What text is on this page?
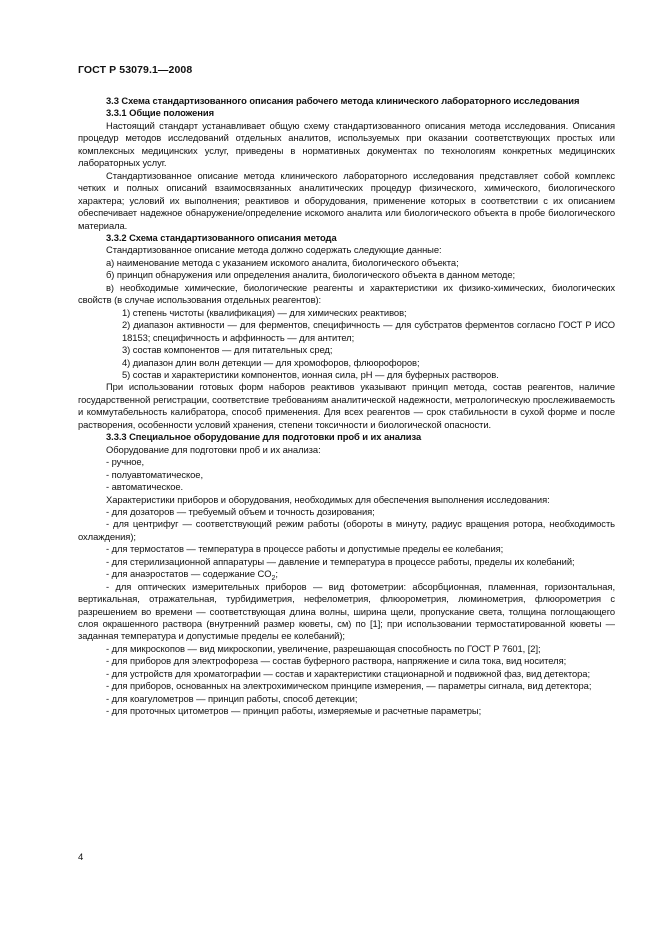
ГОСТ Р 53079.1—2008

3.3 Схема стандартизованного описания рабочего метода клинического лабораторного исследования

3.3.1 Общие положения

Настоящий стандарт устанавливает общую схему стандартизованного описания метода исследования. Описания процедур методов исследований отдельных аналитов, используемых при оказании соответствующих простых или комплексных медицинских услуг, приведены в нормативных документах по технологиям конкретных медицинских лабораторных услуг.

Стандартизованное описание метода клинического лабораторного исследования представляет собой комплекс четких и полных описаний взаимосвязанных аналитических процедур физического, химического, биологического характера; условий их выполнения; реактивов и оборудования, применение которых в соответствии с их описанием обеспечивает надежное обнаружение/определение искомого аналита или биологического объекта в пробе биологического материала.

3.3.2 Схема стандартизованного описания метода

Стандартизованное описание метода должно содержать следующие данные:

а) наименование метода с указанием искомого аналита, биологического объекта;

б) принцип обнаружения или определения аналита, биологического объекта в данном методе;

в) необходимые химические, биологические реагенты и характеристики их физико-химических, биологических свойств (в случае использования отдельных реагентов):

1) степень чистоты (квалификация) — для химических реактивов;

2) диапазон активности — для ферментов, специфичность — для субстратов ферментов согласно ГОСТ Р ИСО 18153; специфичность и аффинность — для антител;

3) состав компонентов — для питательных сред;

4) диапазон длин волн детекции — для хромофоров, флюорофоров;

5) состав и характеристики компонентов, ионная сила, рН — для буферных растворов.

При использовании готовых форм наборов реактивов указывают принцип метода, состав реагентов, наличие государственной регистрации, соответствие требованиям аналитической надежности, метрологическую прослеживаемость и коммутабельность калибратора, способ применения. Для всех реагентов — срок стабильности в сухой форме и после растворения, особенности условий хранения, степени токсичности и биологической опасности.

3.3.3 Специальное оборудование для подготовки проб и их анализа

Оборудование для подготовки проб и их анализа:

- ручное,

- полуавтоматическое,

- автоматическое.

Характеристики приборов и оборудования, необходимых для обеспечения выполнения исследования:

- для дозаторов — требуемый объем и точность дозирования;

- для центрифуг — соответствующий режим работы (обороты в минуту, радиус вращения ротора, необходимость охлаждения);

- для термостатов — температура в процессе работы и допустимые пределы ее колебания;

- для стерилизационной аппаратуры — давление и температура в процессе работы, пределы их колебаний;

- для анаэростатов — содержание $CO_2$;

- для оптических измерительных приборов — вид фотометрии: абсорбционная, пламенная, горизонтальная, вертикальная, отражательная, турбидиметрия, нефелометрия, флюорометрия, люминометрия, флюорометрия с разрешением во времени — соответствующая длина волны, ширина щели, пропускание света, толщина поглощающего слоя окрашенного раствора (внутренний размер кюветы, см) по [1]; при использовании термостатированной кюветы — заданная температура и допустимые пределы ее колебаний);

- для микроскопов — вид микроскопии, увеличение, разрешающая способность по ГОСТ Р 7601, [2];

- для приборов для электрофореза — состав буферного раствора, напряжение и сила тока, вид носителя;

- для устройств для хроматографии — состав и характеристики стационарной и подвижной фаз, вид детектора;

- для приборов, основанных на электрохимическом принципе измерения, — параметры сигнала, вид детектора;

- для коагулометров — принцип работы, способ детекции;

- для проточных цитометров — принцип работы, измеряемые и расчетные параметры;

4
